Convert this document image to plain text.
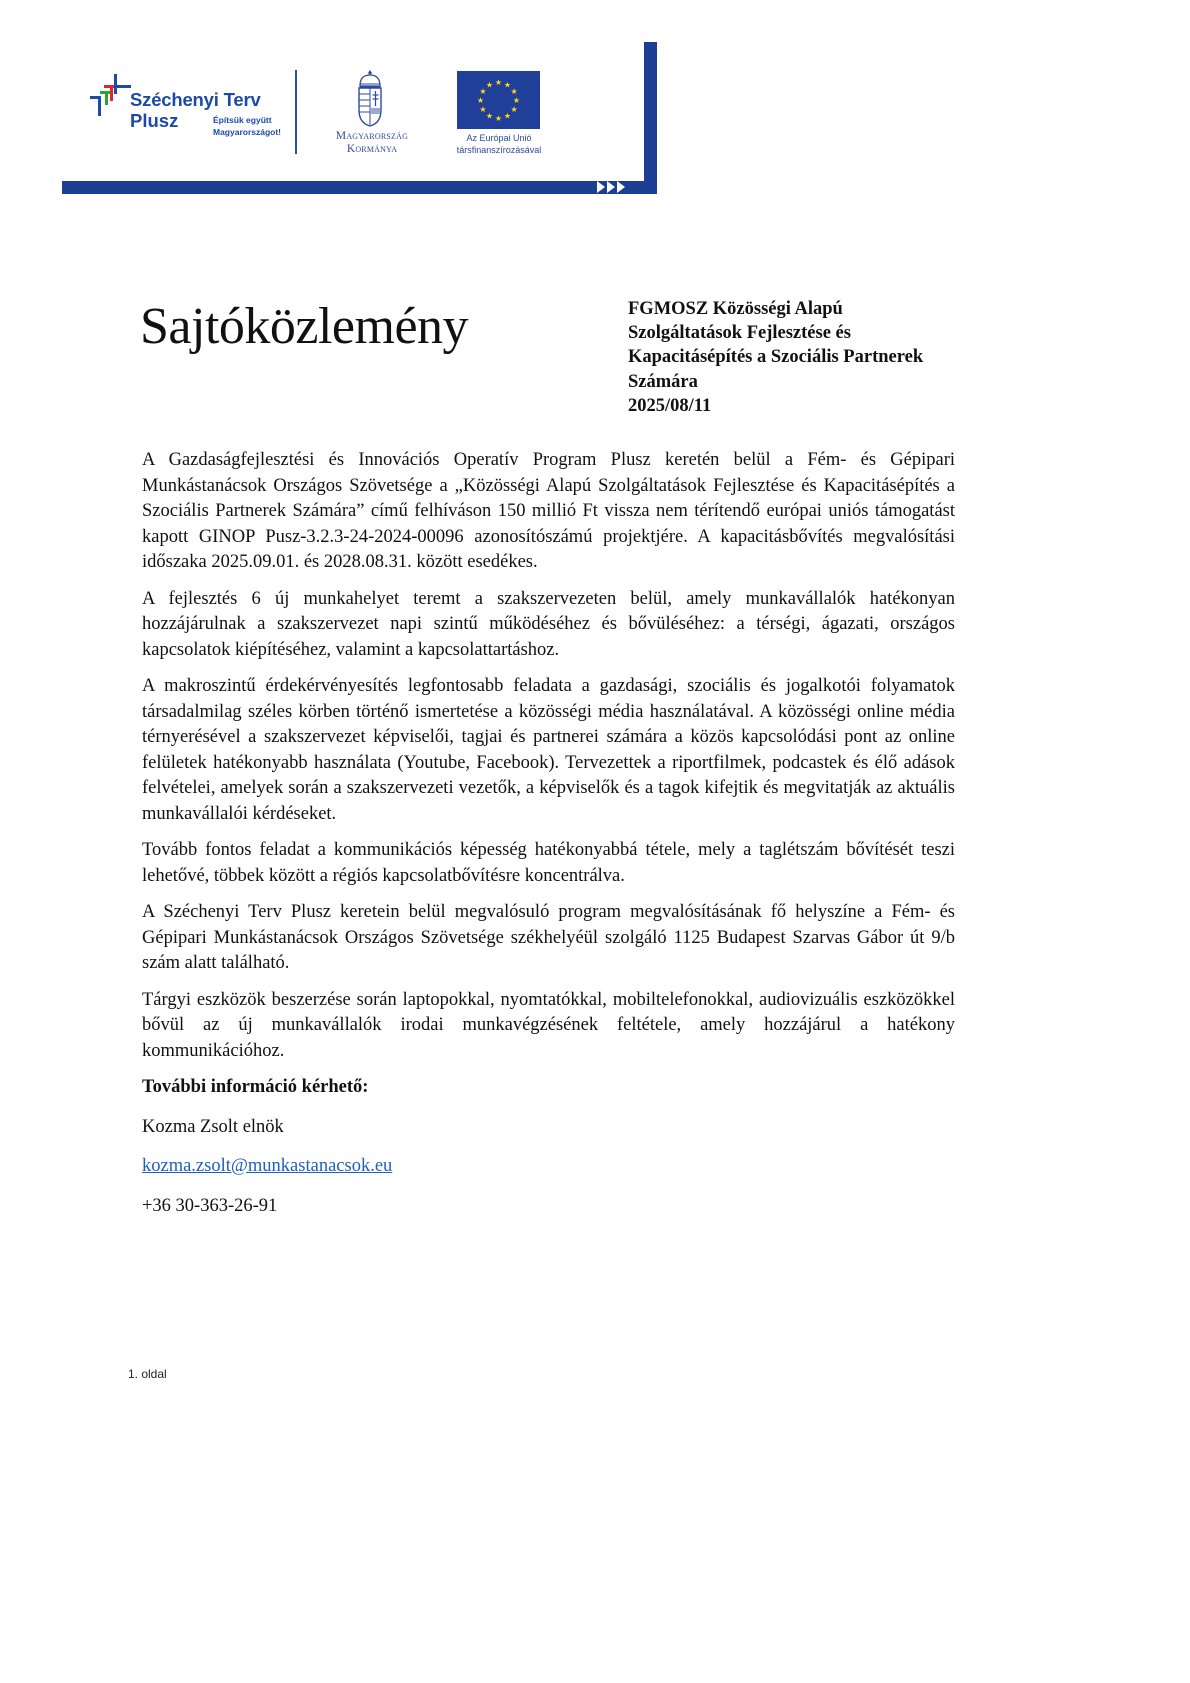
Széchenyi Terv
Plusz	Építsük együtt
Magyarországot!	Magyarország
Kormánya
★ ★
★
★
★
★
★
★
★
★
★
★
Az Európai Unió
társfinanszírozásával
Sajtóközlemény	FGMOSZ Közösségi Alapú
Szolgáltatások Fejlesztése és
Kapacitásépítés a Szociális Partnerek
Számára
2025/08/11

A Gazdaságfejlesztési és Innovációs Operatív Program Plusz keretén belül a Fém- és Gépipari Munkástanácsok Országos Szövetsége a „Közösségi Alapú Szolgáltatások Fejlesztése és Kapacitásépítés a Szociális Partnerek Számára” című felhíváson 150 millió Ft vissza nem térítendő európai uniós támogatást kapott GINOP Pusz-3.2.3-24-2024-00096 azonosítószámú projektjére. A kapacitásbővítés megvalósítási időszaka 2025.09.01. és 2028.08.31. között esedékes.

A fejlesztés 6 új munkahelyet teremt a szakszervezeten belül, amely munkavállalók hatékonyan hozzájárulnak a szakszervezet napi szintű működéséhez és bővüléséhez: a térségi, ágazati, országos kapcsolatok kiépítéséhez, valamint a kapcsolattartáshoz.

A makroszintű érdekérvényesítés legfontosabb feladata a gazdasági, szociális és jogalkotói folyamatok társadalmilag széles körben történő ismertetése a közösségi média használatával. A közösségi online média térnyerésével a szakszervezet képviselői, tagjai és partnerei számára a közös kapcsolódási pont az online felületek hatékonyabb használata (Youtube, Facebook). Tervezettek a riportfilmek, podcastek és élő adások felvételei, amelyek során a szakszervezeti vezetők, a képviselők és a tagok kifejtik és megvitatják az aktuális munkavállalói kérdéseket.

Tovább fontos feladat a kommunikációs képesség hatékonyabbá tétele, mely a taglétszám bővítését teszi lehetővé, többek között a régiós kapcsolatbővítésre koncentrálva.

A Széchenyi Terv Plusz keretein belül megvalósuló program megvalósításának fő helyszíne a Fém- és Gépipari Munkástanácsok Országos Szövetsége székhelyéül szolgáló 1125 Budapest Szarvas Gábor út 9/b szám alatt található.

Tárgyi eszközök beszerzése során laptopokkal, nyomtatókkal, mobiltelefonokkal, audiovizuális eszközökkel bővül az új munkavállalók irodai munkavégzésének feltétele, amely hozzájárul a hatékony kommunikációhoz.

További információ kérhető:

Kozma Zsolt elnök

kozma.zsolt@munkastanacsok.eu

+36 30-363-26-91

1. oldal
